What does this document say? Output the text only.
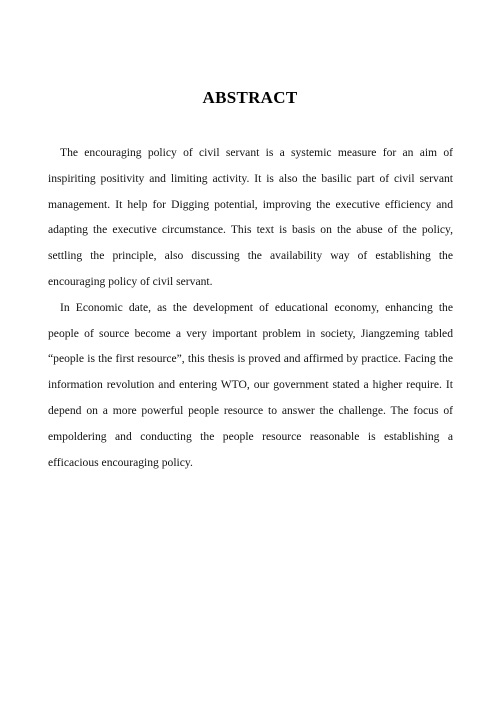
ABSTRACT

The encouraging policy of civil servant is a systemic measure for an aim of inspiriting positivity and limiting activity. It is also the basilic part of civil servant management. It help for Digging potential, improving the executive efficiency and adapting the executive circumstance. This text is basis on the abuse of the policy, settling the principle, also discussing the availability way of establishing the encouraging policy of civil servant.

In Economic date, as the development of educational economy, enhancing the people of source become a very important problem in society, Jiangzeming tabled “people is the first resource”, this thesis is proved and affirmed by practice. Facing the information revolution and entering WTO, our government stated a higher require. It depend on a more powerful people resource to answer the challenge. The focus of empoldering and conducting the people resource reasonable is establishing a efficacious encouraging policy.
